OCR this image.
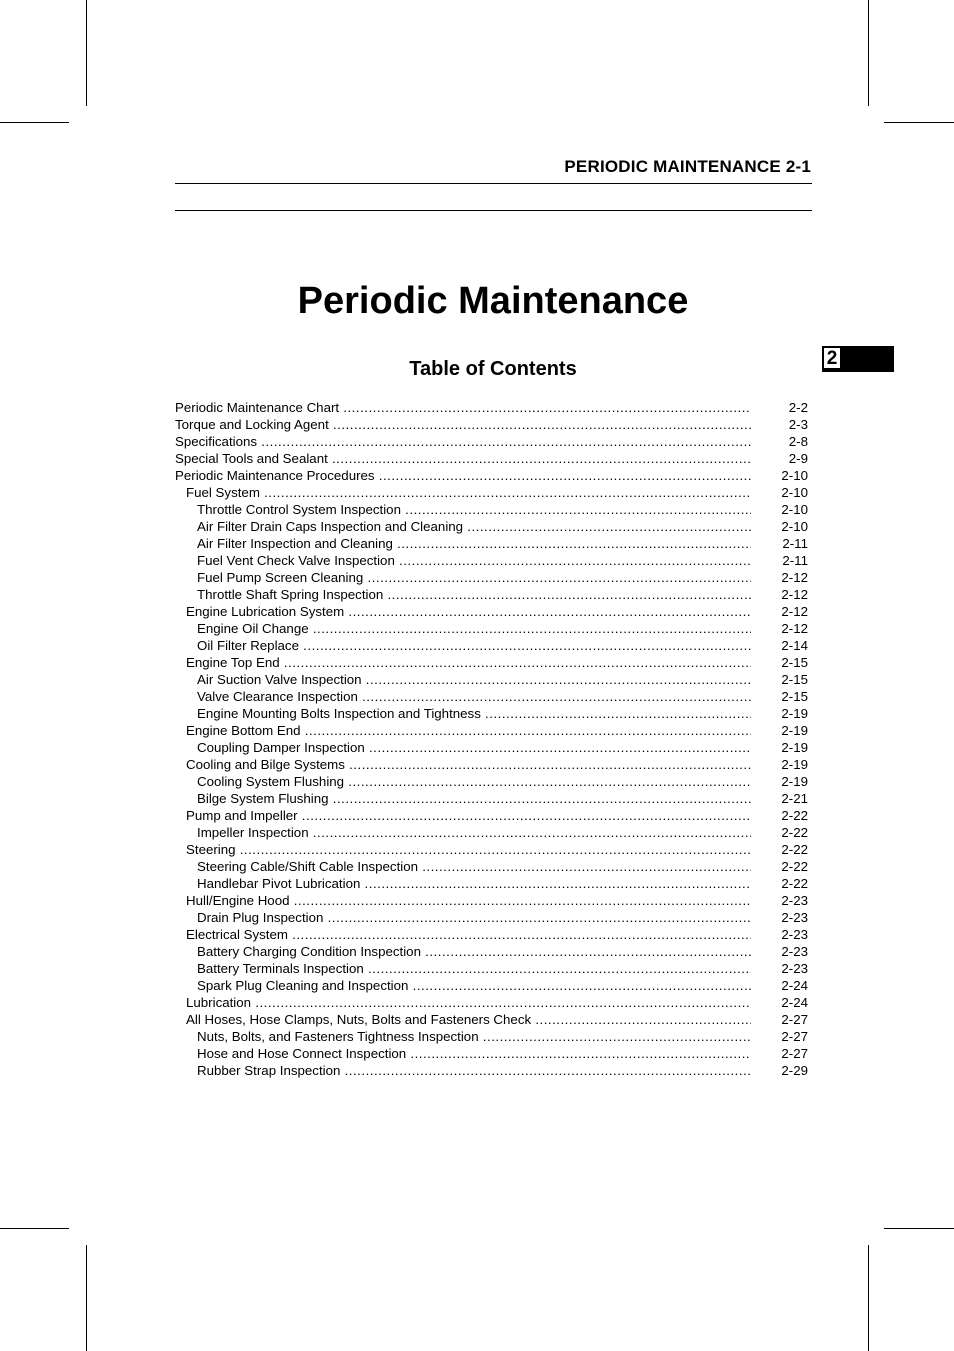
PERIODIC MAINTENANCE 2-1
Periodic Maintenance
2
Table of Contents
Periodic Maintenance Chart .....	2-2
Torque and Locking Agent .....	2-3
Specifications .....	2-8
Special Tools and Sealant .....	2-9
Periodic Maintenance Procedures .....	2-10
Fuel System .....	2-10
Throttle Control System Inspection .....	2-10
Air Filter Drain Caps Inspection and Cleaning .....	2-10
Air Filter Inspection and Cleaning .....	2-11
Fuel Vent Check Valve Inspection .....	2-11
Fuel Pump Screen Cleaning .....	2-12
Throttle Shaft Spring Inspection .....	2-12
Engine Lubrication System .....	2-12
Engine Oil Change .....	2-12
Oil Filter Replace .....	2-14
Engine Top End .....	2-15
Air Suction Valve Inspection .....	2-15
Valve Clearance Inspection .....	2-15
Engine Mounting Bolts Inspection and Tightness .....	2-19
Engine Bottom End .....	2-19
Coupling Damper Inspection .....	2-19
Cooling and Bilge Systems .....	2-19
Cooling System Flushing .....	2-19
Bilge System Flushing .....	2-21
Pump and Impeller .....	2-22
Impeller Inspection .....	2-22
Steering .....	2-22
Steering Cable/Shift Cable Inspection .....	2-22
Handlebar Pivot Lubrication .....	2-22
Hull/Engine Hood .....	2-23
Drain Plug Inspection .....	2-23
Electrical System .....	2-23
Battery Charging Condition Inspection .....	2-23
Battery Terminals Inspection .....	2-23
Spark Plug Cleaning and Inspection .....	2-24
Lubrication .....	2-24
All Hoses, Hose Clamps, Nuts, Bolts and Fasteners Check .....	2-27
Nuts, Bolts, and Fasteners Tightness Inspection .....	2-27
Hose and Hose Connect Inspection .....	2-27
Rubber Strap Inspection .....	2-29
